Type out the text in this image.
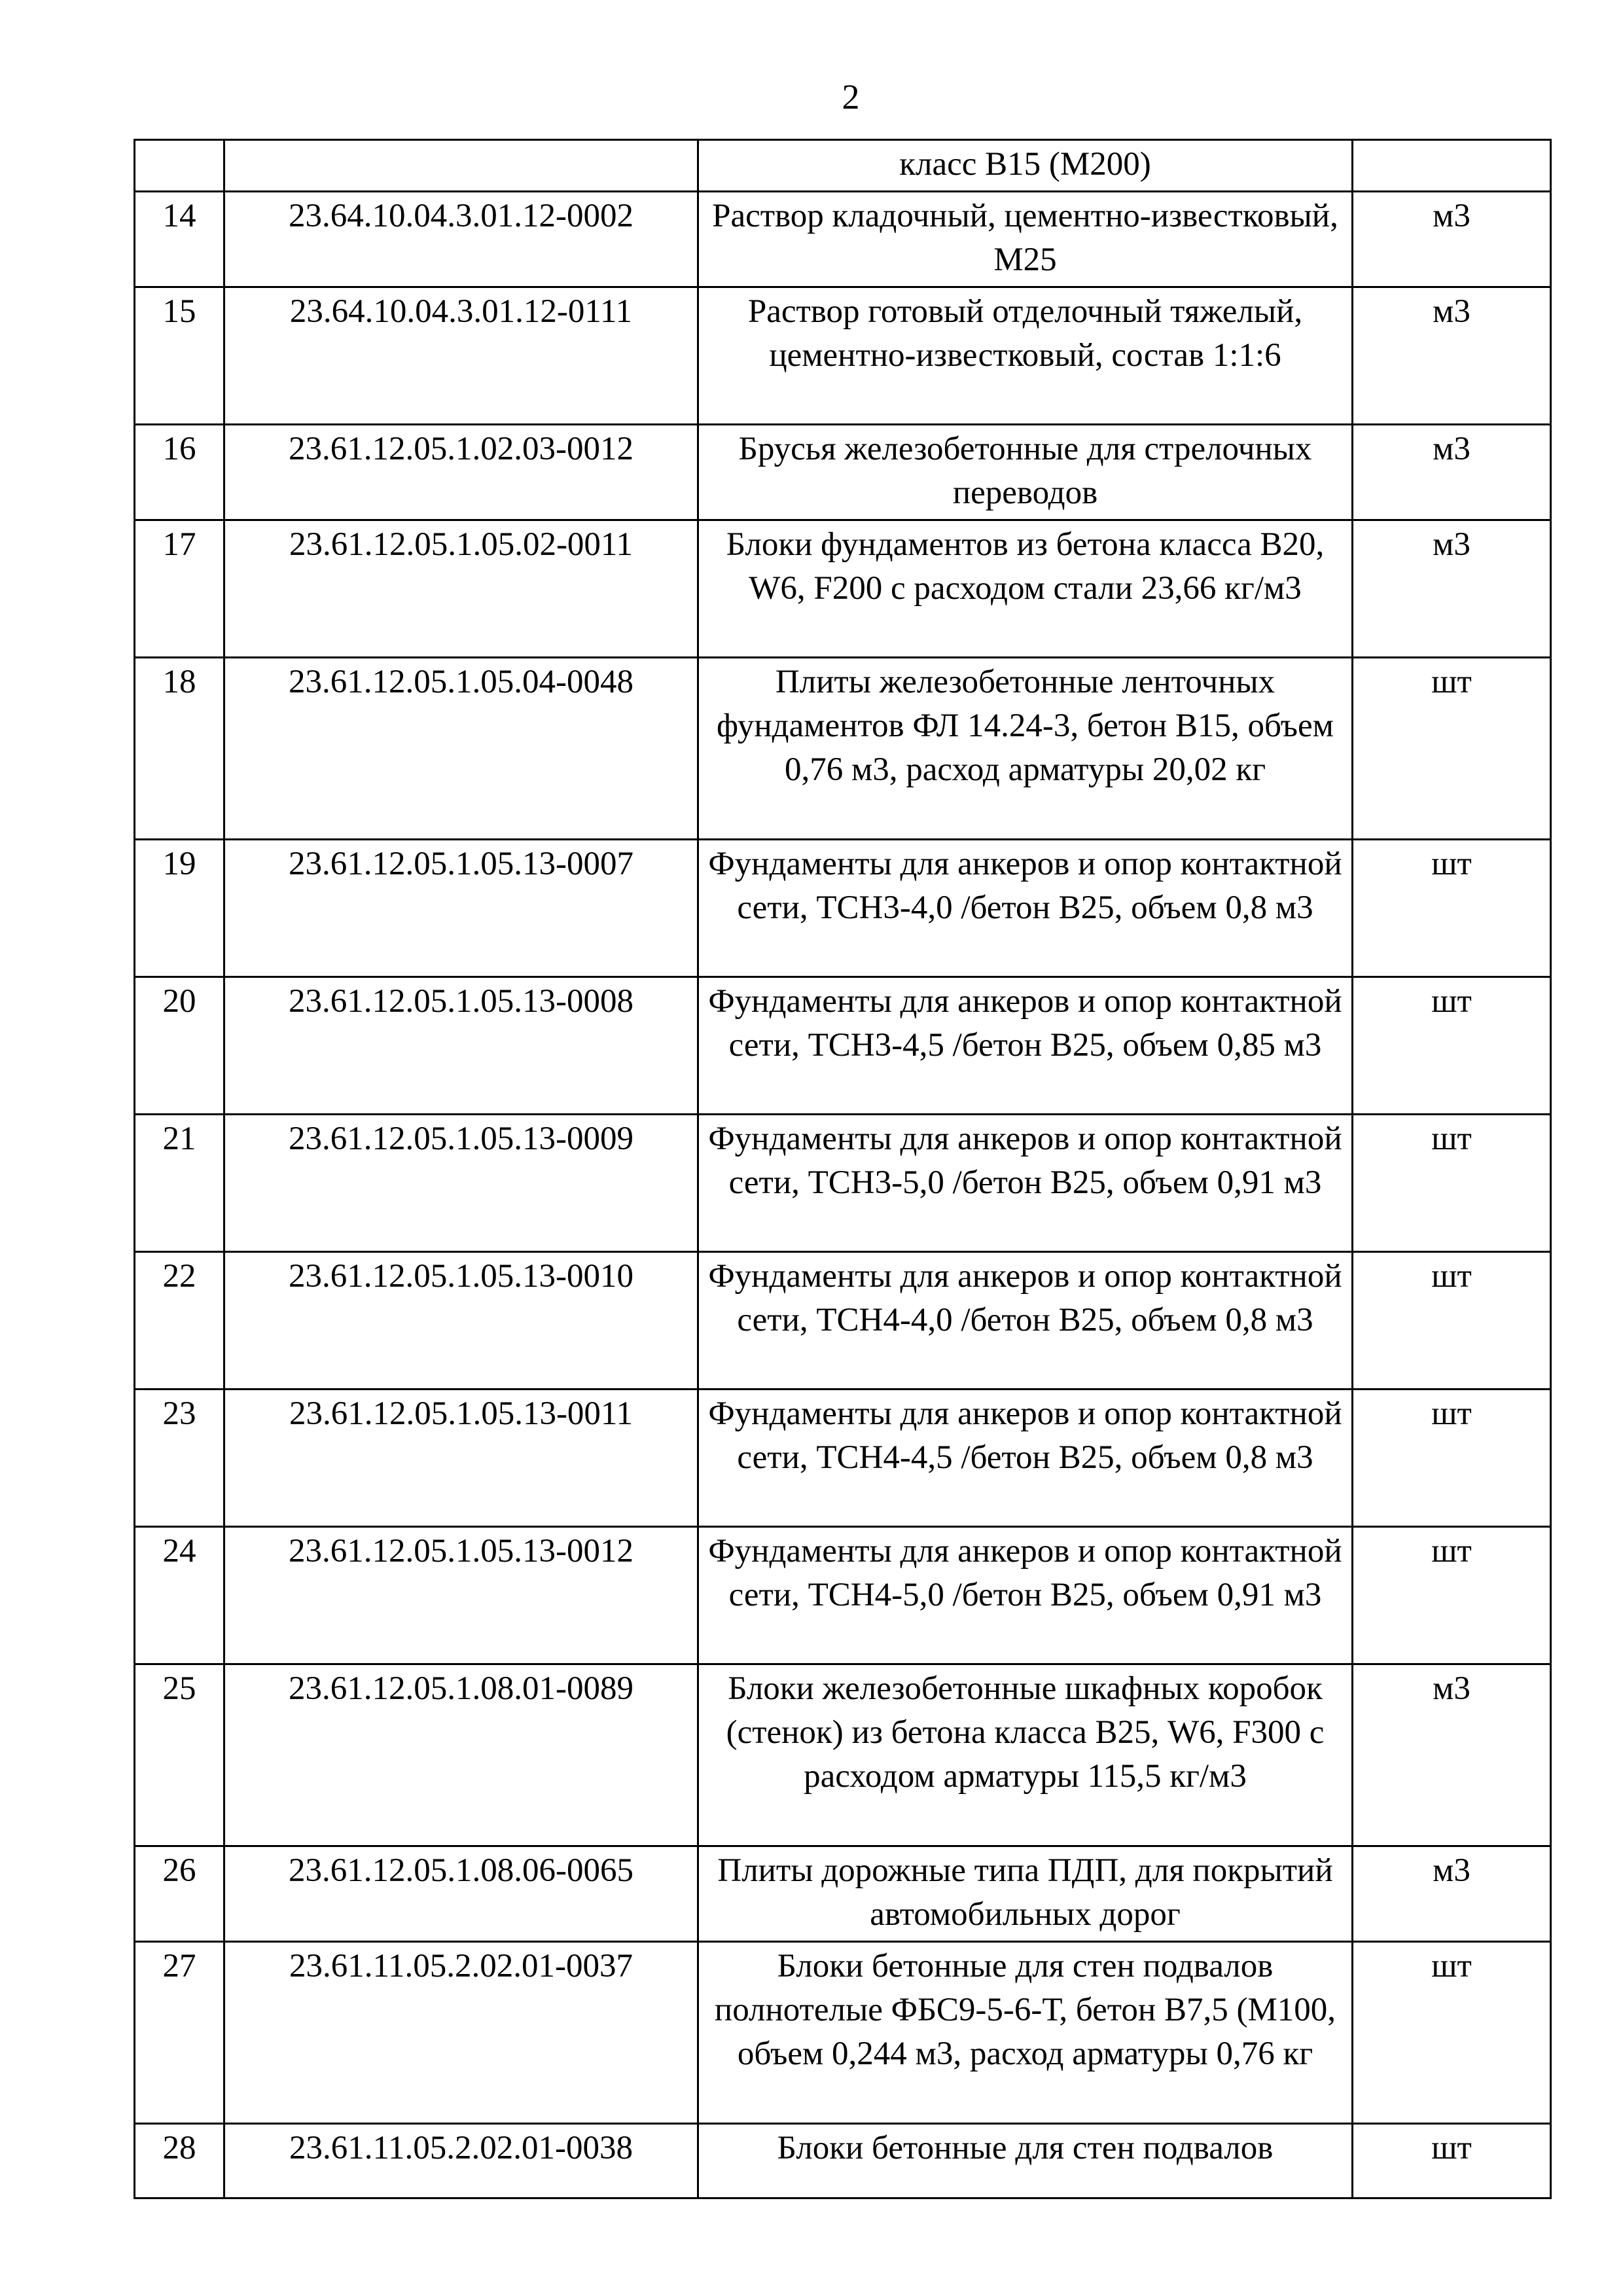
2
		класс В15 (М200)	
14	23.64.10.04.3.01.12-0002	Раствор кладочный, цементно-известковый, М25	м3
15	23.64.10.04.3.01.12-0111	Раствор готовый отделочный тяжелый, цементно-известковый, состав 1:1:6	м3
16	23.61.12.05.1.02.03-0012	Брусья железобетонные для стрелочных переводов	м3
17	23.61.12.05.1.05.02-0011	Блоки фундаментов из бетона класса В20, W6, F200 с расходом стали 23,66 кг/м3	м3
18	23.61.12.05.1.05.04-0048	Плиты железобетонные ленточных фундаментов ФЛ 14.24-3, бетон В15, объем 0,76 м3, расход арматуры 20,02 кг	шт
19	23.61.12.05.1.05.13-0007	Фундаменты для анкеров и опор контактной сети, ТСН3-4,0 /бетон В25, объем 0,8 м3	шт
20	23.61.12.05.1.05.13-0008	Фундаменты для анкеров и опор контактной сети, ТСН3-4,5 /бетон В25, объем 0,85 м3	шт
21	23.61.12.05.1.05.13-0009	Фундаменты для анкеров и опор контактной сети, ТСН3-5,0 /бетон В25, объем 0,91 м3	шт
22	23.61.12.05.1.05.13-0010	Фундаменты для анкеров и опор контактной сети, ТСН4-4,0 /бетон В25, объем 0,8 м3	шт
23	23.61.12.05.1.05.13-0011	Фундаменты для анкеров и опор контактной сети, ТСН4-4,5 /бетон В25, объем 0,8 м3	шт
24	23.61.12.05.1.05.13-0012	Фундаменты для анкеров и опор контактной сети, ТСН4-5,0 /бетон В25, объем 0,91 м3	шт
25	23.61.12.05.1.08.01-0089	Блоки железобетонные шкафных коробок (стенок) из бетона класса В25, W6, F300 с расходом арматуры 115,5 кг/м3	м3
26	23.61.12.05.1.08.06-0065	Плиты дорожные типа ПДП, для покрытий автомобильных дорог	м3
27	23.61.11.05.2.02.01-0037	Блоки бетонные для стен подвалов полнотелые ФБС9-5-6-Т, бетон В7,5 (М100, объем 0,244 м3, расход арматуры 0,76 кг	шт
28	23.61.11.05.2.02.01-0038	Блоки бетонные для стен подвалов	шт
